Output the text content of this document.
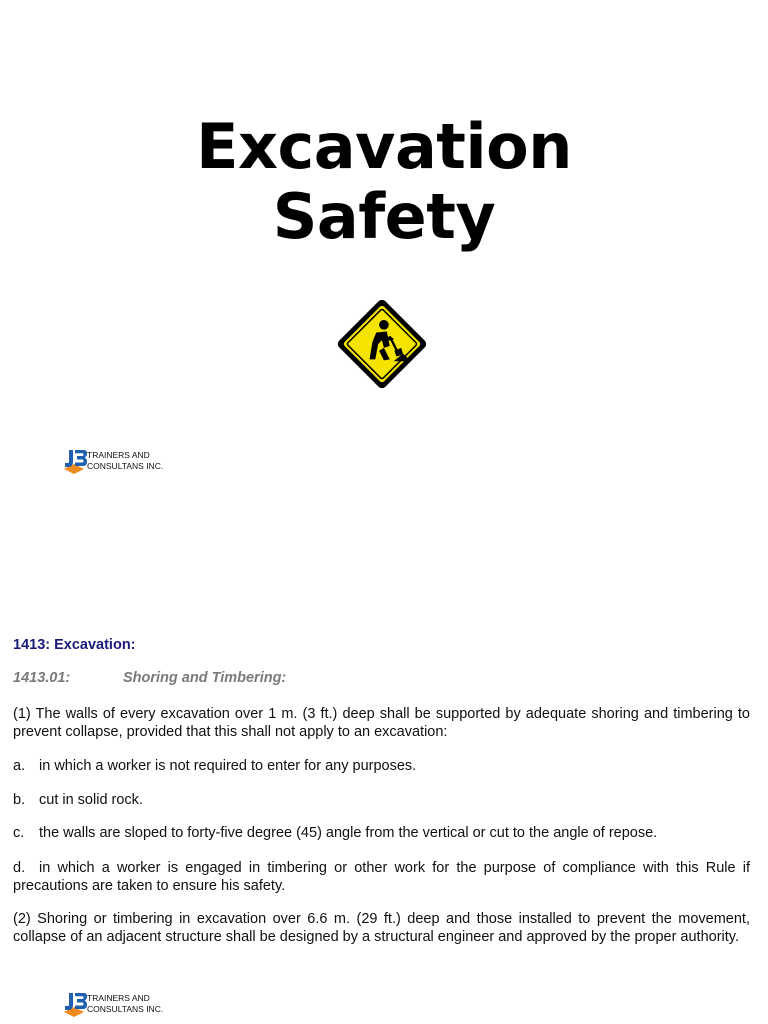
Excavation
Safety
TRAINERS AND
CONSULTANS INC.
1413: Excavation:
1413.01:	Shoring and Timbering:
(1) The walls of every excavation over 1 m. (3 ft.) deep shall be supported by adequate shoring and timbering to prevent collapse, provided that this shall not apply to an excavation:
a. in which a worker is not required to enter for any purposes.
b. cut in solid rock.
c. the walls are sloped to forty-five degree (45) angle from the vertical or cut to the angle of repose.
d. in which a worker is engaged in timbering or other work for the purpose of compliance with this Rule if precautions are taken to ensure his safety.
(2) Shoring or timbering in excavation over 6.6 m. (29 ft.) deep and those installed to prevent the movement, collapse of an adjacent structure shall be designed by a structural engineer and approved by the proper authority.
TRAINERS AND
CONSULTANS INC.
